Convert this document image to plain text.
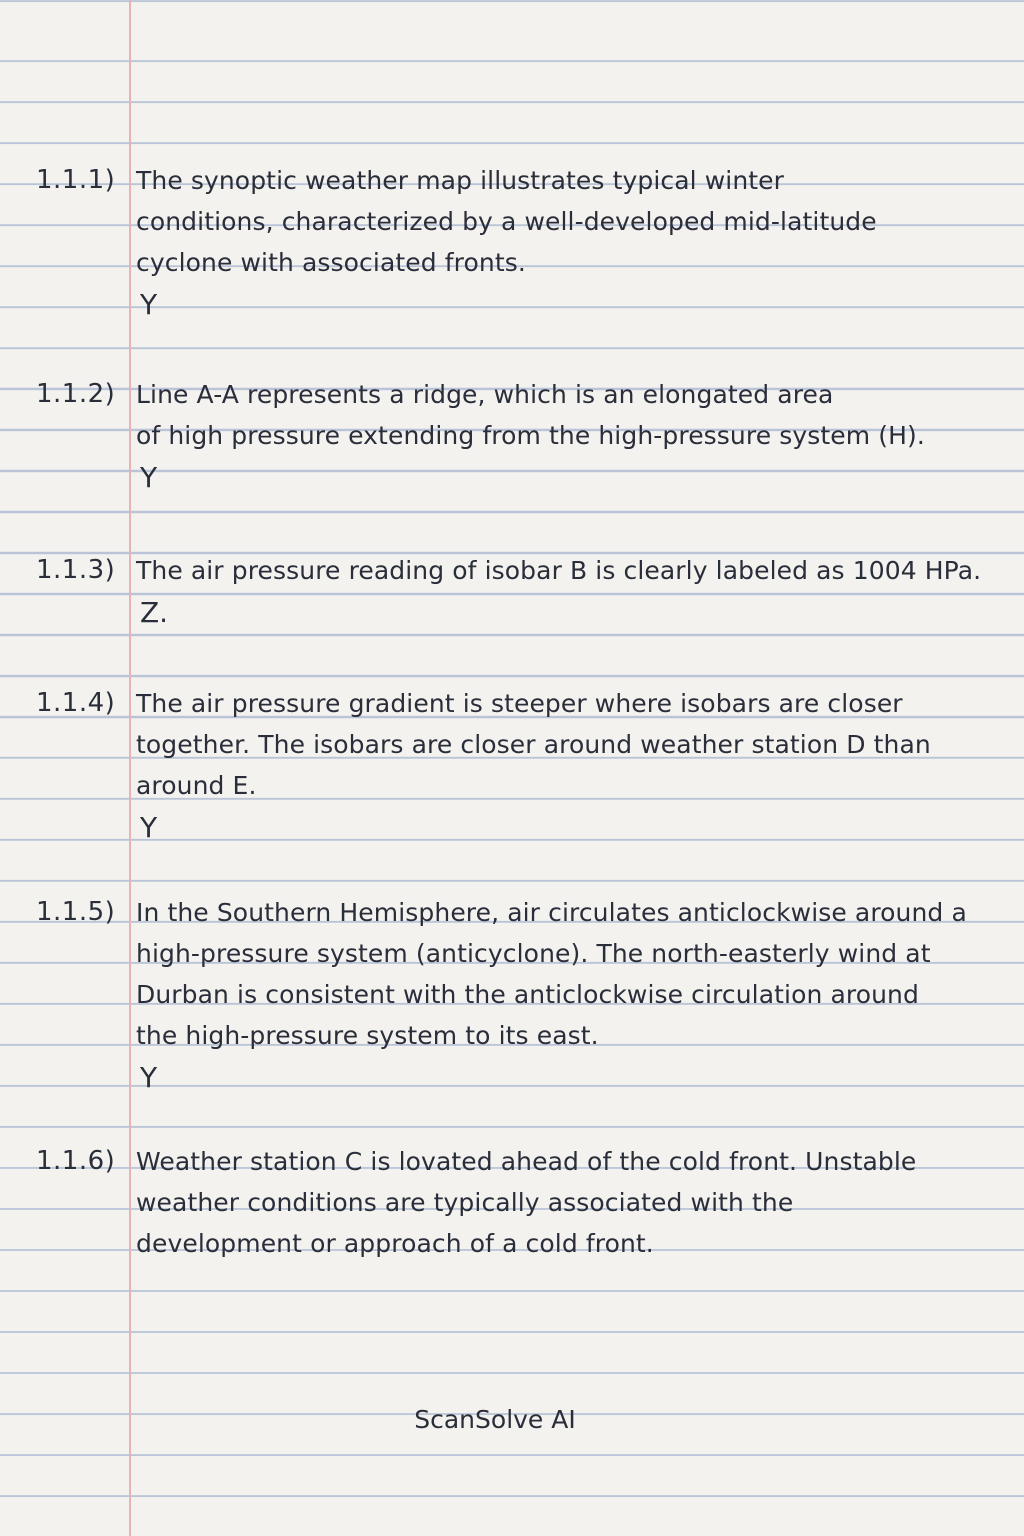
1.1.1) The synoptic weather map illustrates typical winter
conditions, characterized by a well-developed mid-latitude
cyclone with associated fronts.
Y
1.1.2) Line A-A represents a ridge, which is an elongated area
of high pressure extending from the high-pressure system (H).
Y
1.1.3) The air pressure reading of isobar B is clearly labeled as 1004 HPa.
Z.
1.1.4) The air pressure gradient is steeper where isobars are closer
together. The isobars are closer around weather station D than
around E.
Y
1.1.5) In the Southern Hemisphere, air circulates anticlockwise around a
high-pressure system (anticyclone). The north-easterly wind at
Durban is consistent with the anticlockwise circulation around
the high-pressure system to its east.
Y
1.1.6) Weather station C is lovated ahead of the cold front. Unstable
weather conditions are typically associated with the
development or approach of a cold front.
ScanSolve AI
